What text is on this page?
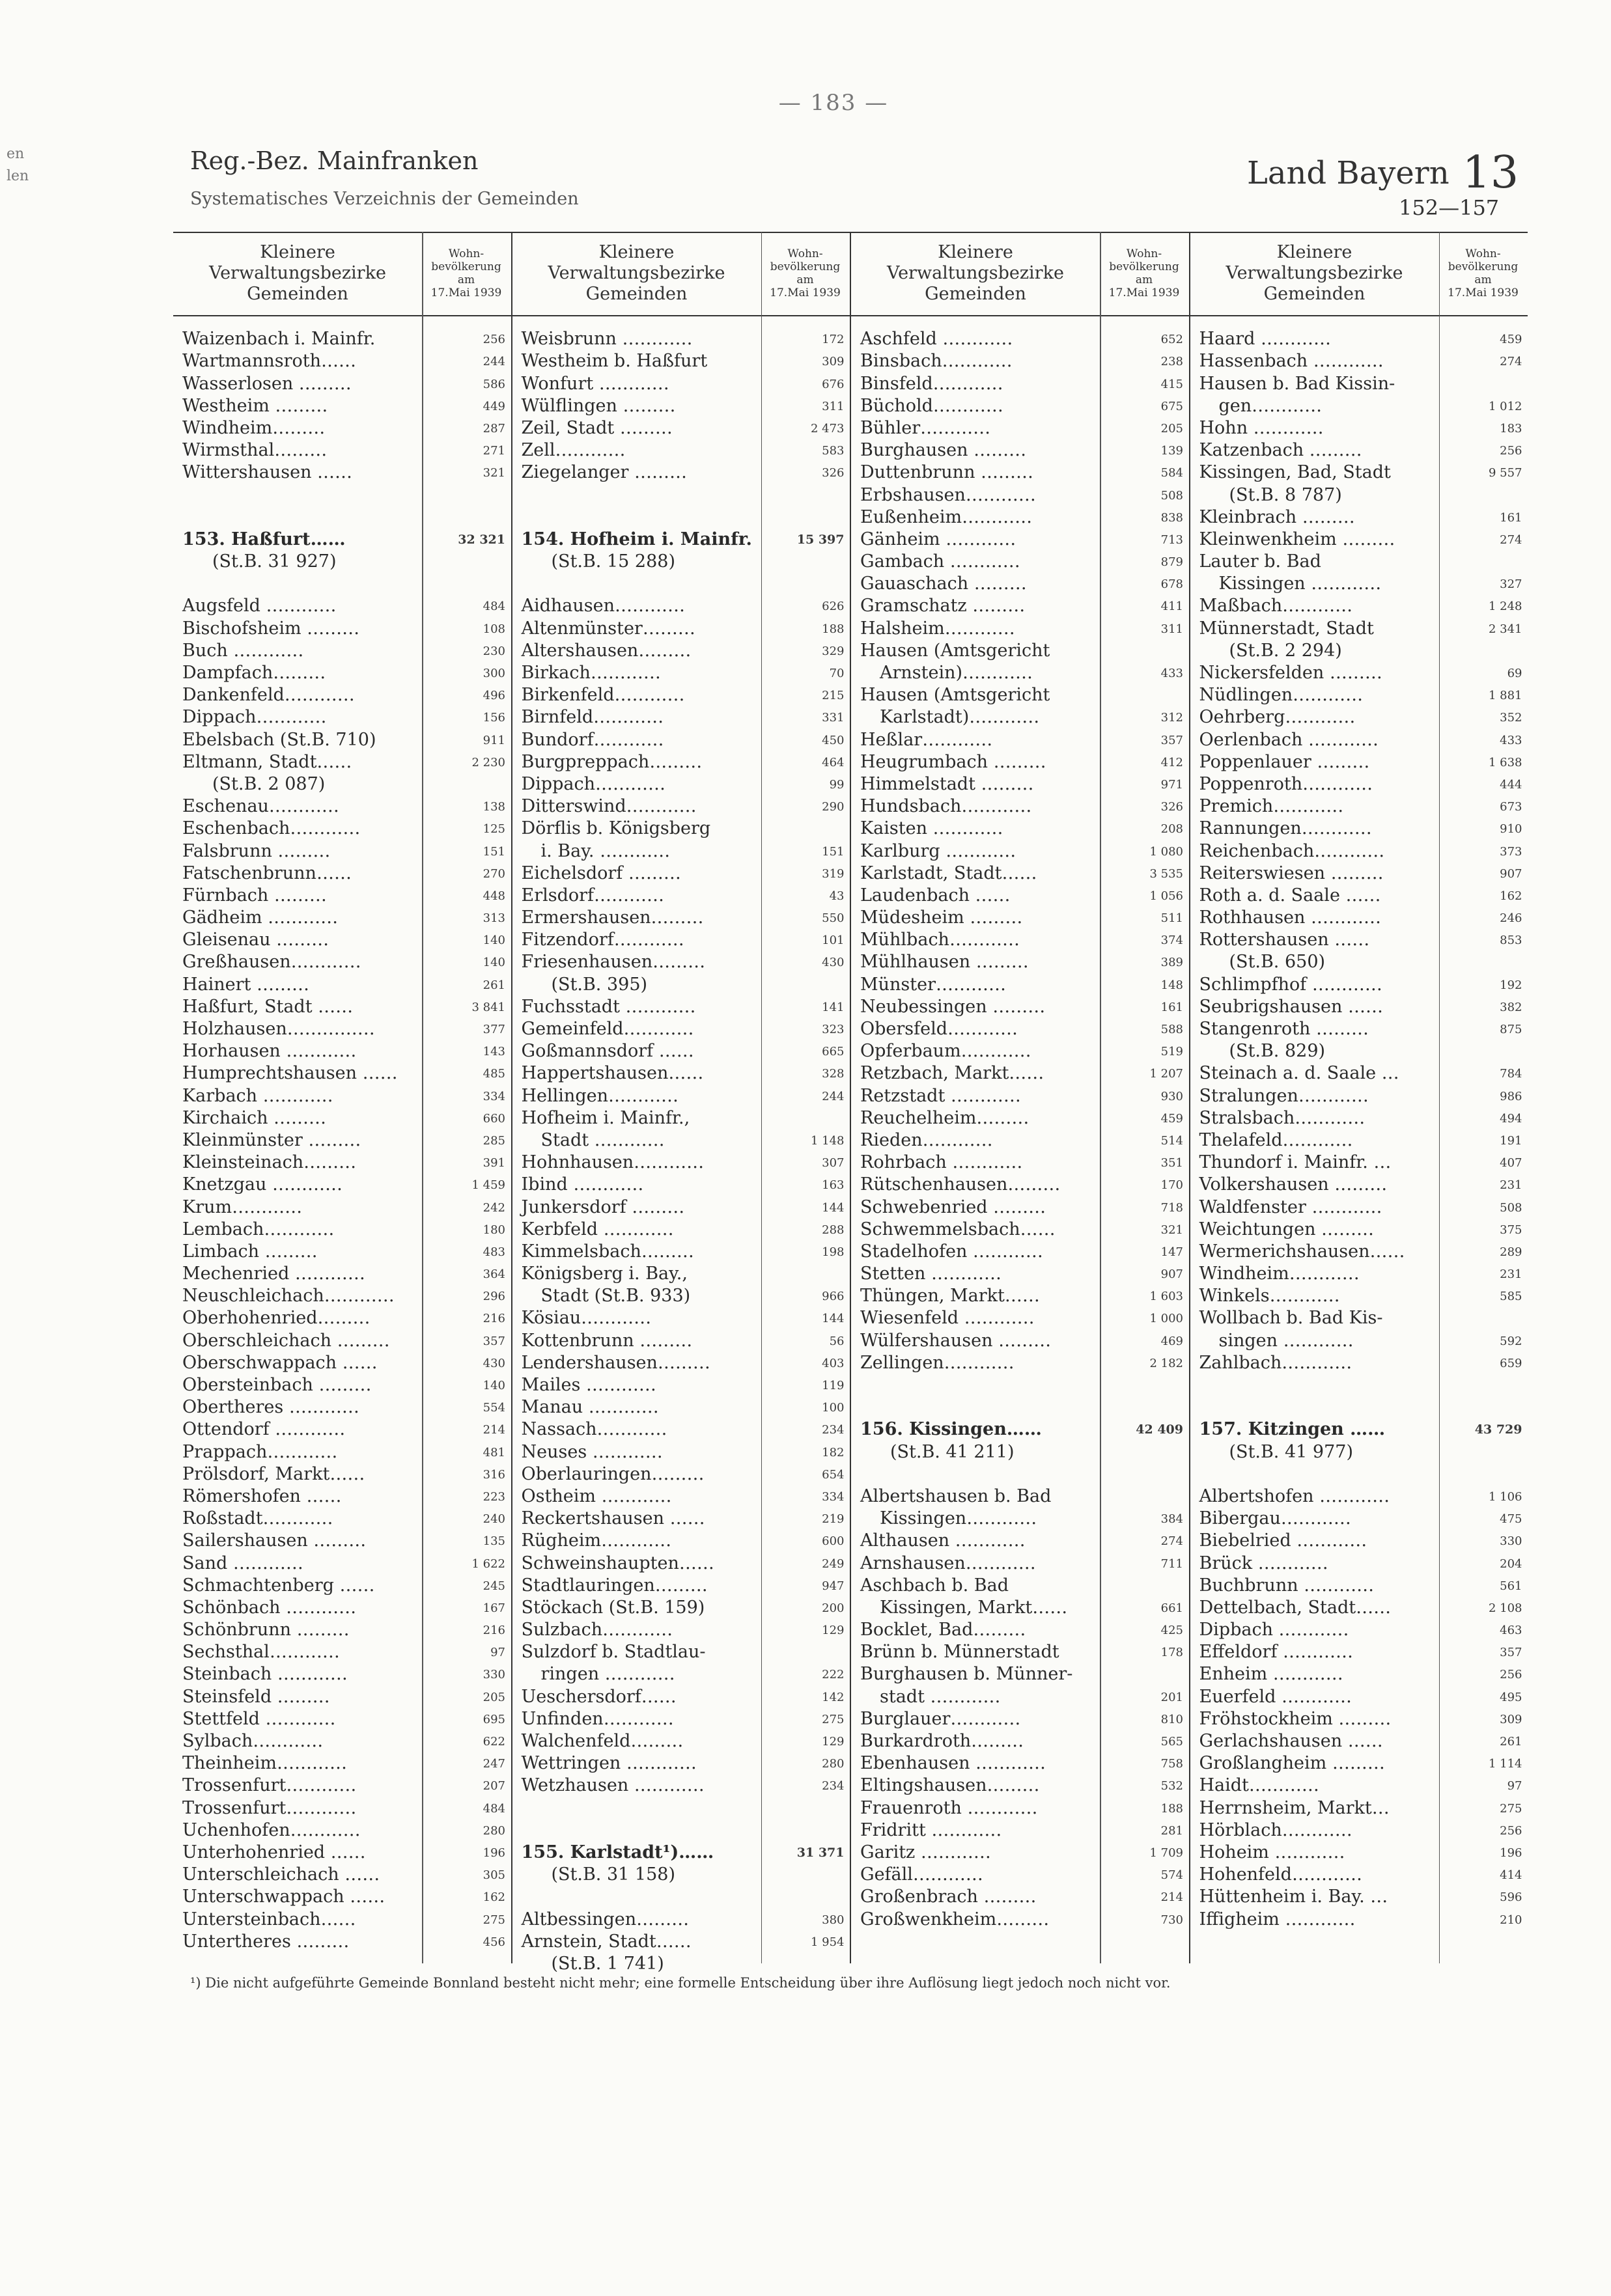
— 183 —
Reg.-Bez. Mainfranken
Systematisches Verzeichnis der Gemeinden
Land Bayern 13
152—157
en
len
Kleinere
Verwaltungsbezirke
Gemeinden
Wohn-
bevölkerung
am
17.Mai 1939
Waizenbach i. Mainfr.	256
Wartmannsroth……	244
Wasserlosen ………	586
Westheim ………	449
Windheim………	287
Wirmsthal………	271
Wittershausen ……	321
153. Haßfurt……	32 321
(St.B. 31 927)
Augsfeld …………	484
Bischofsheim ………	108
Buch …………	230
Dampfach………	300
Dankenfeld…………	496
Dippach…………	156
Ebelsbach (St.B. 710)	911
Eltmann, Stadt……	2 230
(St.B. 2 087)
Eschenau…………	138
Eschenbach…………	125
Falsbrunn ………	151
Fatschenbrunn……	270
Fürnbach ………	448
Gädheim …………	313
Gleisenau ………	140
Greßhausen…………	140
Hainert ………	261
Haßfurt, Stadt ……	3 841
Holzhausen……………	377
Horhausen …………	143
Humprechtshausen ……	485
Karbach …………	334
Kirchaich ………	660
Kleinmünster ………	285
Kleinsteinach………	391
Knetzgau …………	1 459
Krum…………	242
Lembach…………	180
Limbach ………	483
Mechenried …………	364
Neuschleichach…………	296
Oberhohenried………	216
Oberschleichach ………	357
Oberschwappach ……	430
Obersteinbach ………	140
Obertheres …………	554
Ottendorf …………	214
Prappach…………	481
Prölsdorf, Markt……	316
Römershofen ……	223
Roßstadt…………	240
Sailershausen ………	135
Sand …………	1 622
Schmachtenberg ……	245
Schönbach …………	167
Schönbrunn ………	216
Sechsthal…………	97
Steinbach …………	330
Steinsfeld ………	205
Stettfeld …………	695
Sylbach…………	622
Theinheim…………	247
Trossenfurt…………	207
Trossenfurt…………	484
Uchenhofen…………	280
Unterhohenried ……	196
Unterschleichach ……	305
Unterschwappach ……	162
Untersteinbach……	275
Untertheres ………	456
Kleinere
Verwaltungsbezirke
Gemeinden
Wohn-
bevölkerung
am
17.Mai 1939
Weisbrunn …………	172
Westheim b. Haßfurt	309
Wonfurt …………	676
Wülflingen ………	311
Zeil, Stadt ………	2 473
Zell…………	583
Ziegelanger ………	326
154. Hofheim i. Mainfr.	15 397
(St.B. 15 288)
Aidhausen…………	626
Altenmünster………	188
Altershausen………	329
Birkach…………	70
Birkenfeld…………	215
Birnfeld…………	331
Bundorf…………	450
Burgpreppach………	464
Dippach…………	99
Ditterswind…………	290
Dörflis b. Königsberg
i. Bay. …………	151
Eichelsdorf ………	319
Erlsdorf…………	43
Ermershausen………	550
Fitzendorf…………	101
Friesenhausen………	430
(St.B. 395)
Fuchsstadt …………	141
Gemeinfeld…………	323
Goßmannsdorf ……	665
Happertshausen……	328
Hellingen…………	244
Hofheim i. Mainfr.,
Stadt …………	1 148
Hohnhausen…………	307
Ibind …………	163
Junkersdorf ………	144
Kerbfeld …………	288
Kimmelsbach………	198
Königsberg i. Bay.,
Stadt (St.B. 933)	966
Kösiau…………	144
Kottenbrunn ………	56
Lendershausen………	403
Mailes …………	119
Manau …………	100
Nassach…………	234
Neuses …………	182
Oberlauringen………	654
Ostheim …………	334
Reckertshausen ……	219
Rügheim…………	600
Schweinshaupten……	249
Stadtlauringen………	947
Stöckach (St.B. 159)	200
Sulzbach…………	129
Sulzdorf b. Stadtlau-
ringen …………	222
Ueschersdorf……	142
Unfinden…………	275
Walchenfeld………	129
Wettringen …………	280
Wetzhausen …………	234
155. Karlstadt¹)……	31 371
(St.B. 31 158)
Altbessingen………	380
Arnstein, Stadt……	1 954
(St.B. 1 741)
Kleinere
Verwaltungsbezirke
Gemeinden
Wohn-
bevölkerung
am
17.Mai 1939
Aschfeld …………	652
Binsbach…………	238
Binsfeld…………	415
Büchold…………	675
Bühler…………	205
Burghausen ………	139
Duttenbrunn ………	584
Erbshausen…………	508
Eußenheim…………	838
Gänheim …………	713
Gambach …………	879
Gauaschach ………	678
Gramschatz ………	411
Halsheim…………	311
Hausen (Amtsgericht
Arnstein)…………	433
Hausen (Amtsgericht
Karlstadt)…………	312
Heßlar…………	357
Heugrumbach ………	412
Himmelstadt ………	971
Hundsbach…………	326
Kaisten …………	208
Karlburg …………	1 080
Karlstadt, Stadt……	3 535
Laudenbach ……	1 056
Müdesheim ………	511
Mühlbach…………	374
Mühlhausen ………	389
Münster…………	148
Neubessingen ………	161
Obersfeld…………	588
Opferbaum…………	519
Retzbach, Markt……	1 207
Retzstadt …………	930
Reuchelheim………	459
Rieden…………	514
Rohrbach …………	351
Rütschenhausen………	170
Schwebenried ………	718
Schwemmelsbach……	321
Stadelhofen …………	147
Stetten …………	907
Thüngen, Markt……	1 603
Wiesenfeld …………	1 000
Wülfershausen ………	469
Zellingen…………	2 182
156. Kissingen……	42 409
(St.B. 41 211)
Albertshausen b. Bad
Kissingen…………	384
Althausen …………	274
Arnshausen…………	711
Aschbach b. Bad
Kissingen, Markt……	661
Bocklet, Bad………	425
Brünn b. Münnerstadt	178
Burghausen b. Münner-
stadt …………	201
Burglauer…………	810
Burkardroth………	565
Ebenhausen …………	758
Eltingshausen………	532
Frauenroth …………	188
Fridritt …………	281
Garitz …………	1 709
Gefäll…………	574
Großenbrach ………	214
Großwenkheim………	730
Kleinere
Verwaltungsbezirke
Gemeinden
Wohn-
bevölkerung
am
17.Mai 1939
Haard …………	459
Hassenbach …………	274
Hausen b. Bad Kissin-
gen…………	1 012
Hohn …………	183
Katzenbach ………	256
Kissingen, Bad, Stadt	9 557
(St.B. 8 787)
Kleinbrach ………	161
Kleinwenkheim ………	274
Lauter b. Bad
Kissingen …………	327
Maßbach…………	1 248
Münnerstadt, Stadt	2 341
(St.B. 2 294)
Nickersfelden ………	69
Nüdlingen…………	1 881
Oehrberg…………	352
Oerlenbach …………	433
Poppenlauer ………	1 638
Poppenroth…………	444
Premich…………	673
Rannungen…………	910
Reichenbach…………	373
Reiterswiesen ………	907
Roth a. d. Saale ……	162
Rothhausen …………	246
Rottershausen ……	853
(St.B. 650)
Schlimpfhof …………	192
Seubrigshausen ……	382
Stangenroth ………	875
(St.B. 829)
Steinach a. d. Saale …	784
Stralungen…………	986
Stralsbach…………	494
Thelafeld…………	191
Thundorf i. Mainfr. …	407
Volkershausen ………	231
Waldfenster …………	508
Weichtungen ………	375
Wermerichshausen……	289
Windheim…………	231
Winkels…………	585
Wollbach b. Bad Kis-
singen …………	592
Zahlbach…………	659
157. Kitzingen ……	43 729
(St.B. 41 977)
Albertshofen …………	1 106
Bibergau…………	475
Biebelried …………	330
Brück …………	204
Buchbrunn …………	561
Dettelbach, Stadt……	2 108
Dipbach …………	463
Effeldorf …………	357
Enheim …………	256
Euerfeld …………	495
Fröhstockheim ………	309
Gerlachshausen ……	261
Großlangheim ………	1 114
Haidt…………	97
Herrnsheim, Markt…	275
Hörblach…………	256
Hoheim …………	196
Hohenfeld…………	414
Hüttenheim i. Bay. …	596
Iffigheim …………	210
¹) Die nicht aufgeführte Gemeinde Bonnland besteht nicht mehr; eine formelle Entscheidung über ihre Auflösung liegt jedoch noch nicht vor.
